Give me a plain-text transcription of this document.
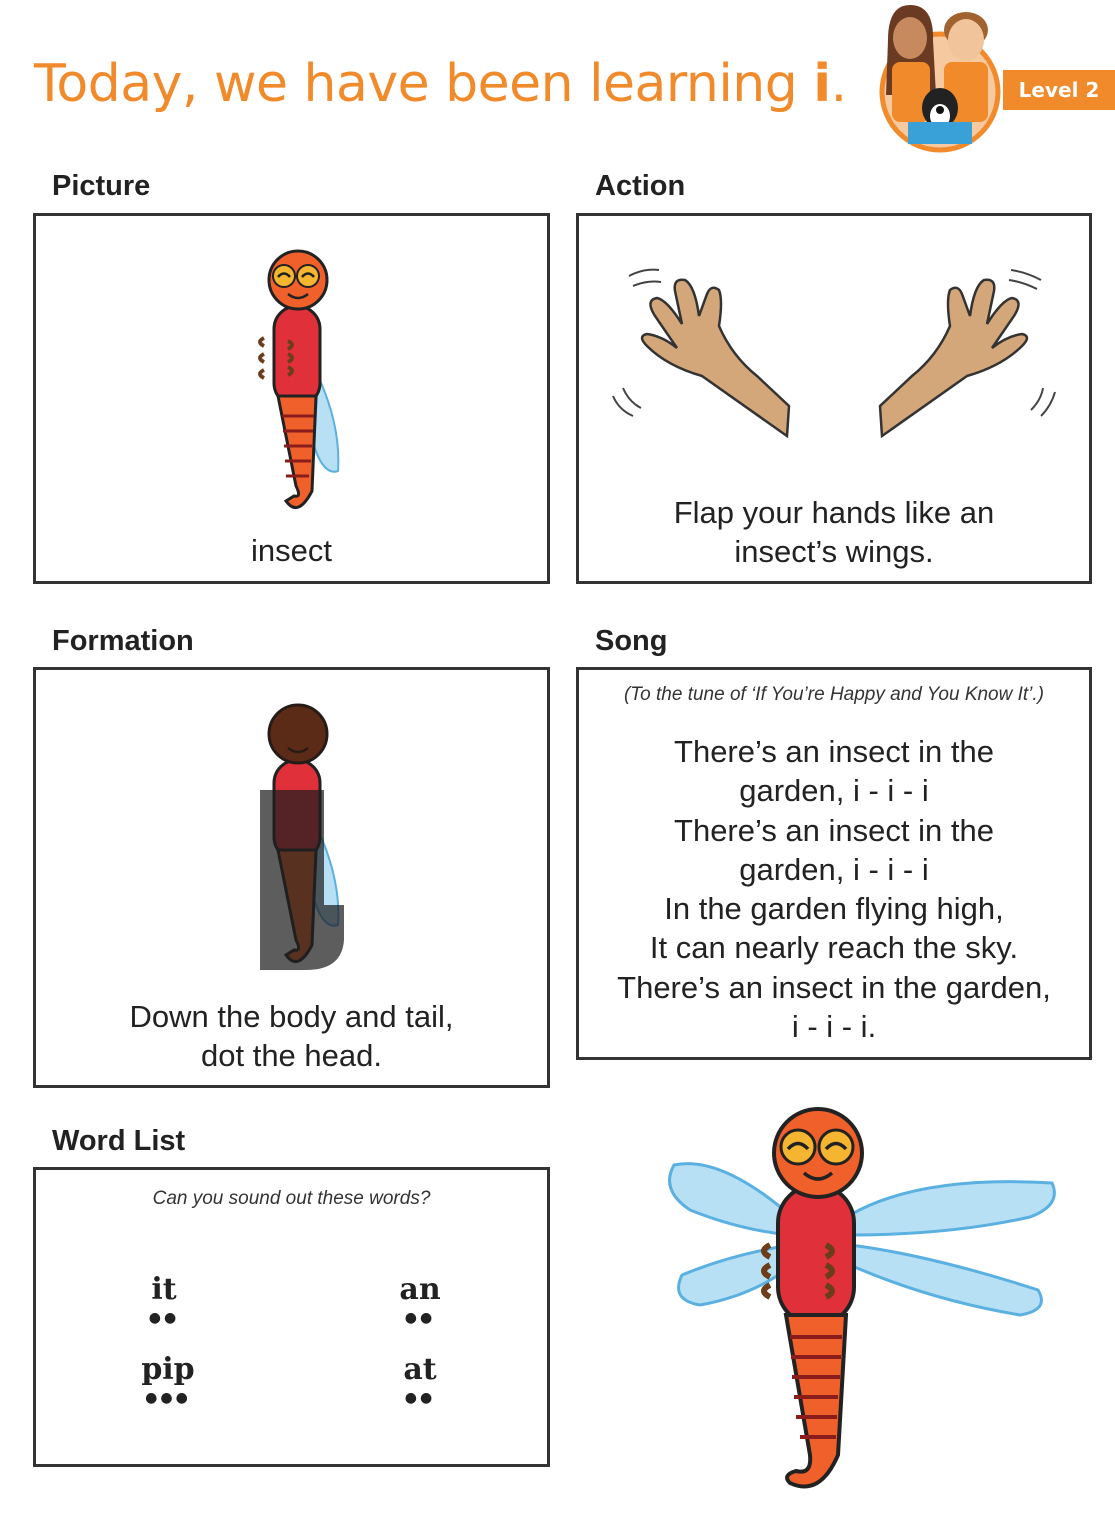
Today, we have been learning i.	Level 2
Picture
insect
Action
Flap your hands like an
insect’s wings.
Formation
Down the body and tail,
dot the head.
Song
(To the tune of ‘If You’re Happy and You Know It’.)
There’s an insect in the
garden, i - i - i
There’s an insect in the
garden, i - i - i
In the garden flying high,
It can nearly reach the sky.
There’s an insect in the garden,
i - i - i.
Word List
Can you sound out these words?
it
●●
an
●●
pip
●●●
at
●●
